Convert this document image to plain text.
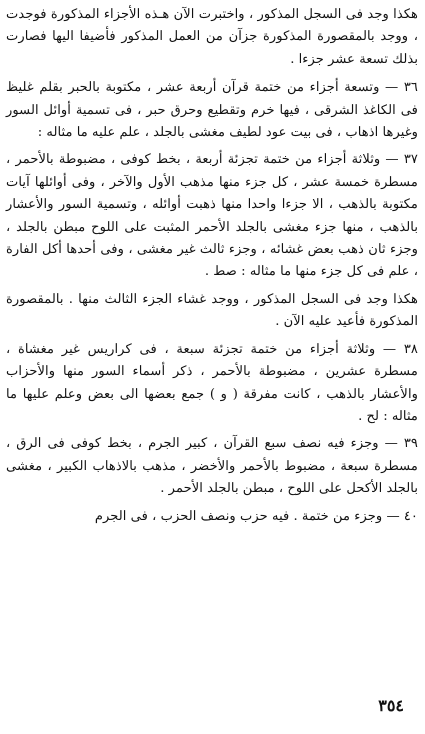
هكذا وجد فى السجل المذكور ، واختبرت الآن هـذه الأجزاء المذكورة فوجدت ، ووجد بالمقصورة المذكورة جزآن من العمل المذكور فأضيفا اليها فصارت بذلك تسعة عشر جزءا .

٣٦ — وتسعة أجزاء من ختمة قرآن أربعة عشر ، مكتوبة بالحبر بقلم غليظ فى الكاغذ الشرقى ، فيها خرم وتقطيع وحرق حبر ، فى تسمية أوائل السور وغيرها اذهاب ، فى بيت عود لطيف مغشى بالجلد ، علم عليه ما مثاله :

٣٧ — وثلاثة أجزاء من ختمة تجزئة أربعة ، بخط كوفى ، مضبوطة بالأحمر ، مسطرة خمسة عشر ، كل جزء منها مذهب الأول والآخر ، وفى أوائلها آيات مكتوبة بالذهب ، الا جزءا واحدا منها ذهبت أوائله ، وتسمية السور والأعشار بالذهب ، منها جزء مغشى بالجلد الأحمر المثبت على اللوح مبطن بالجلد ، وجزء ثان ذهب بعض غشائه ، وجزء ثالث غير مغشى ، وفى أحدها أكل الفارة ، علم فى كل جزء منها ما مثاله : صط .

هكذا وجد فى السجل المذكور ، ووجد غشاء الجزء الثالث منها . بالمقصورة المذكورة فأعيد عليه الآن .

٣٨ — وثلاثة أجزاء من ختمة تجزئة سبعة ، فى كراريس غير مغشاة ، مسطرة عشرين ، مضبوطة بالأحمر ، ذكر أسماء السور منها والأحزاب والأعشار بالذهب ، كانت مفرقة ( و ) جمع بعضها الى بعض وعلم عليها ما مثاله : لح .

٣٩ — وجزء فيه نصف سبع القرآن ، كبير الجرم ، بخط كوفى فى الرق ، مسطرة سبعة ، مضبوط بالأحمر والأخضر ، مذهب بالاذهاب الكبير ، مغشى بالجلد الأكحل على اللوح ، مبطن بالجلد الأحمر .

٤٠ — وجزء من ختمة . فيه حزب ونصف الحزب ، فى الجرم

٣٥٤
